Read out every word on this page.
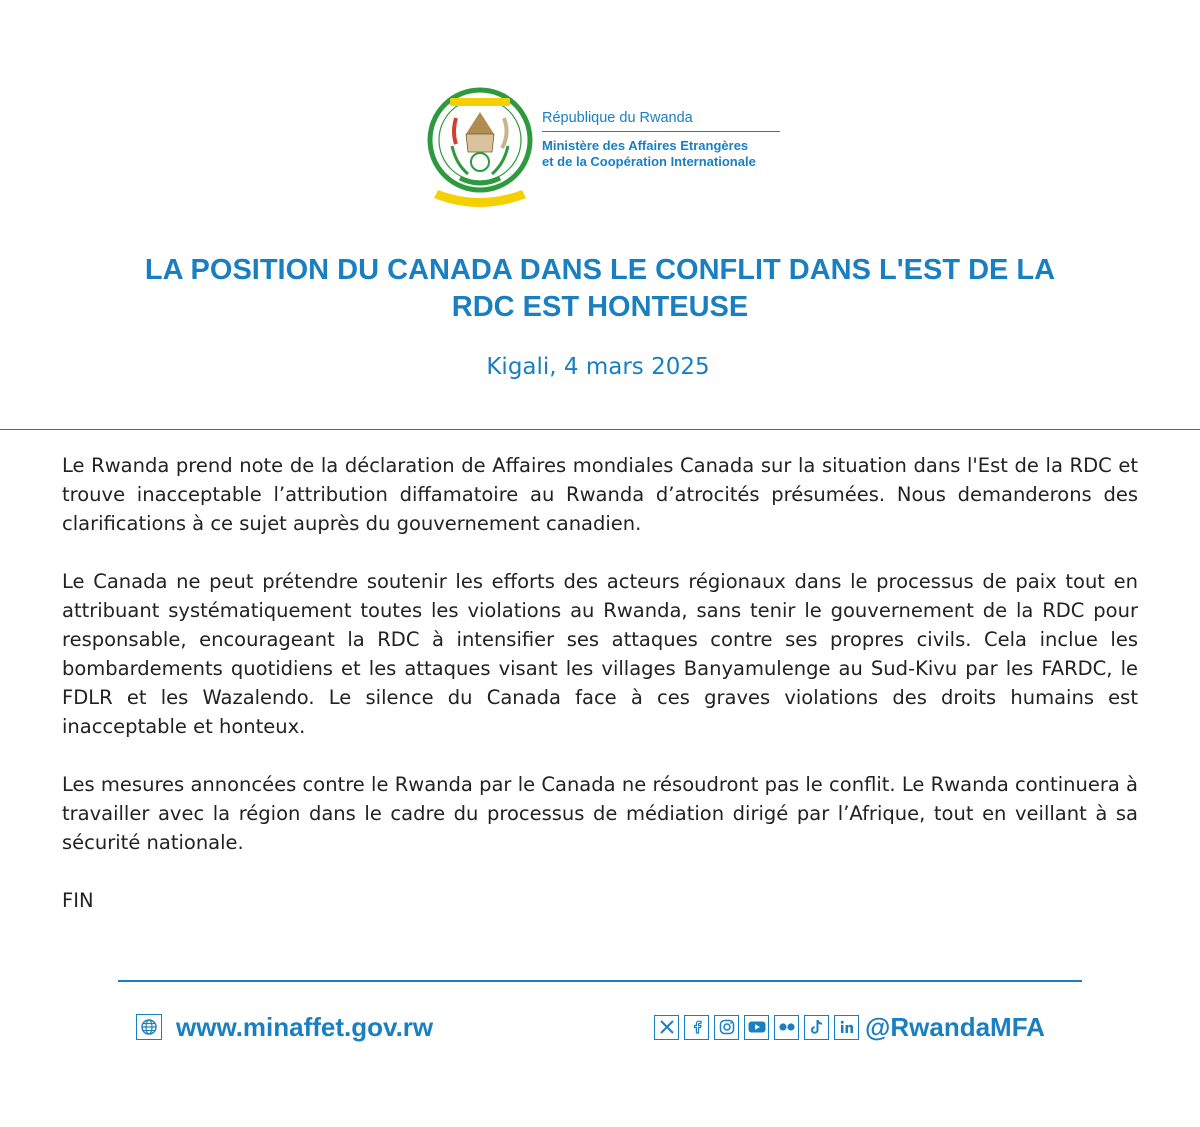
République du Rwanda
Ministère des Affaires Etrangères
et de la Coopération Internationale
LA POSITION DU CANADA DANS LE CONFLIT DANS L'EST DE LA
RDC EST HONTEUSE
Kigali, 4 mars 2025

Le Rwanda prend note de la déclaration de Affaires mondiales Canada sur la situation dans l'Est de la RDC et trouve inacceptable l’attribution diffamatoire au Rwanda d’atrocités présumées. Nous demanderons des clarifications à ce sujet auprès du gouvernement canadien.

Le Canada ne peut prétendre soutenir les efforts des acteurs régionaux dans le processus de paix tout en attribuant systématiquement toutes les violations au Rwanda, sans tenir le gouvernement de la RDC pour responsable, encourageant la RDC à intensifier ses attaques contre ses propres civils. Cela inclue les bombardements quotidiens et les attaques visant les villages Banyamulenge au Sud-Kivu par les FARDC, le FDLR et les Wazalendo. Le silence du Canada face à ces graves violations des droits humains est inacceptable et honteux.

Les mesures annoncées contre le Rwanda par le Canada ne résoudront pas le conflit. Le Rwanda continuera à travailler avec la région dans le cadre du processus de médiation dirigé par l’Afrique, tout en veillant à sa sécurité nationale.

FIN

www.minaffet.gov.rw	@RwandaMFA
